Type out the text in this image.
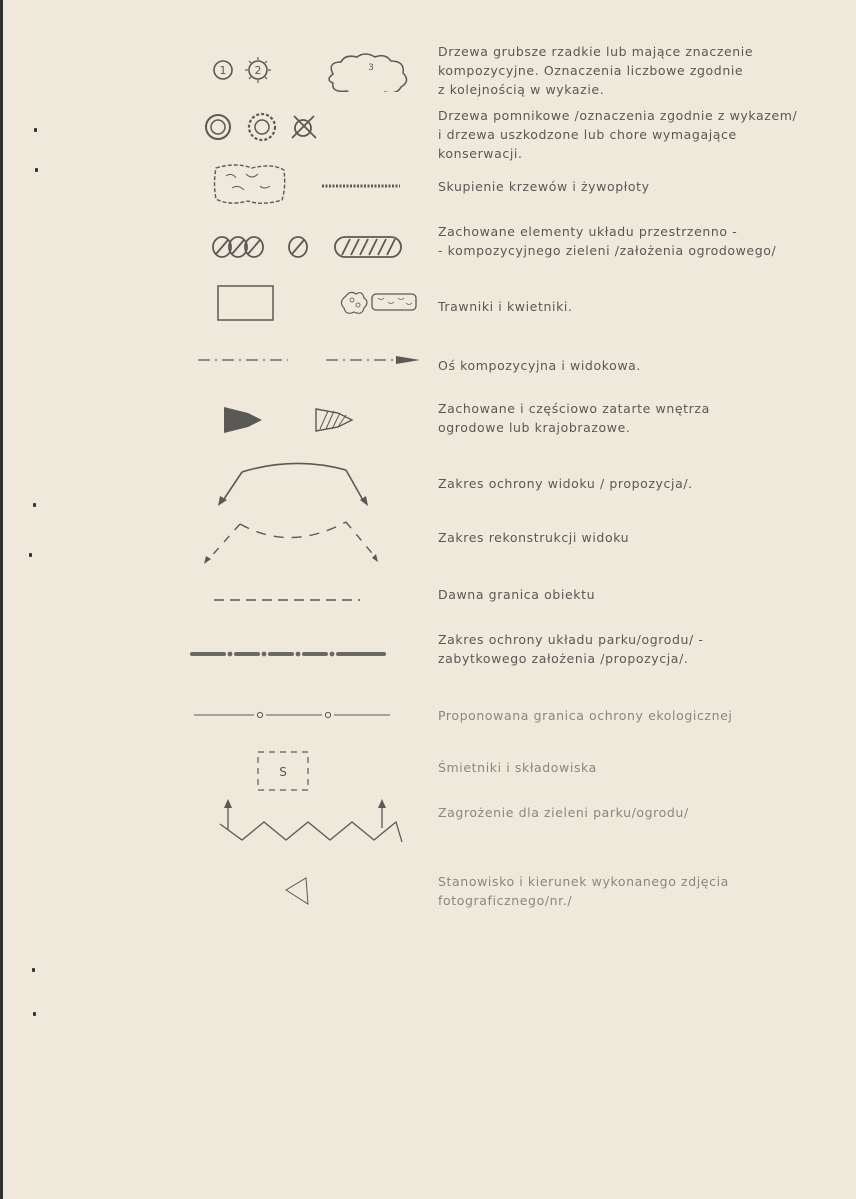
1	2	3
Drzewa grubsze rzadkie lub mające znaczenie
kompozycyjne. Oznaczenia liczbowe zgodnie
z kolejnością w wykazie.
Drzewa pomnikowe /oznaczenia zgodnie z wykazem/
i drzewa uszkodzone lub chore wymagające
konserwacji.
Skupienie krzewów i żywopłoty
Zachowane elementy układu przestrzenno -
- kompozycyjnego zieleni /założenia ogrodowego/
Trawniki i kwietniki.
Oś kompozycyjna i widokowa.
Zachowane i częściowo zatarte wnętrza
ogrodowe lub krajobrazowe.
Zakres ochrony widoku / propozycja/.
Zakres rekonstrukcji widoku
Dawna granica obiektu
Zakres ochrony układu parku/ogrodu/ -
zabytkowego założenia /propozycja/.
Proponowana granica ochrony ekologicznej
S	Śmietniki i składowiska
Zagrożenie dla zieleni parku/ogrodu/
Stanowisko i kierunek wykonanego zdjęcia
fotograficznego/nr./
